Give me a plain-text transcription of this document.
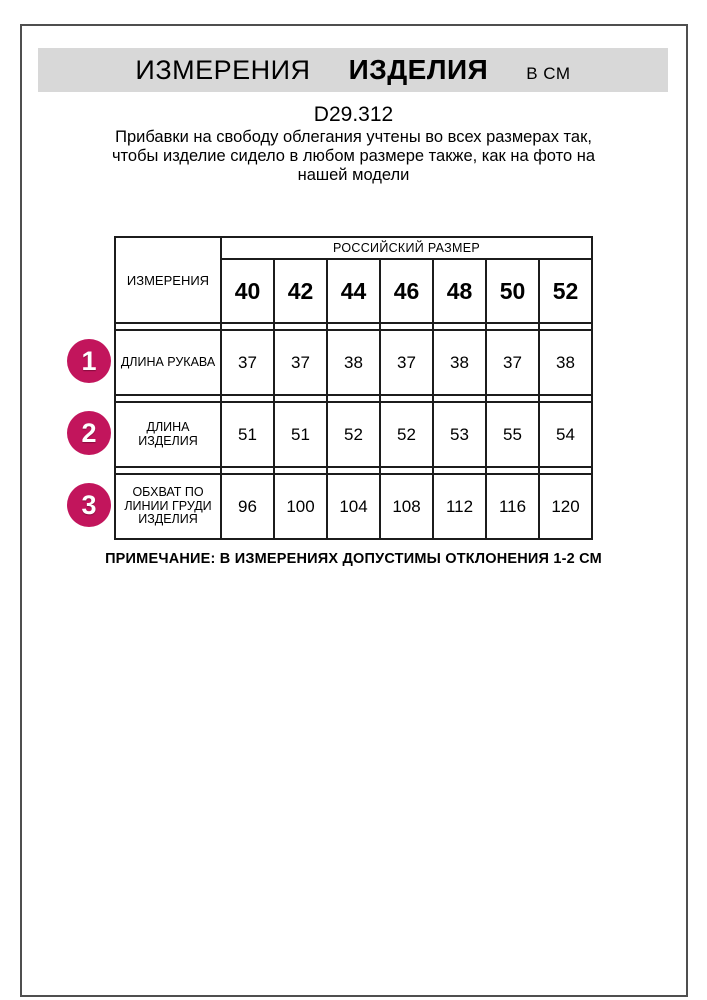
ИЗМЕРЕНИЯ ИЗДЕЛИЯ В СМ
D29.312
Прибавки на свободу облегания учтены во всех размерах так,
чтобы изделие сидело в любом размере также, как на фото на
нашей модели
ИЗМЕРЕНИЯ	РОССИЙСКИЙ РАЗМЕР						
	40	42	44	46	48	50	52

ДЛИНА РУКАВА	37	37	38	37	38	37	38

ДЛИНА ИЗДЕЛИЯ	51	51	52	52	53	55	54

ОБХВАТ ПО ЛИНИИ ГРУДИ ИЗДЕЛИЯ	96	100	104	108	112	116	120
1
2
3
ПРИМЕЧАНИЕ: В ИЗМЕРЕНИЯХ ДОПУСТИМЫ ОТКЛОНЕНИЯ 1-2 СМ
